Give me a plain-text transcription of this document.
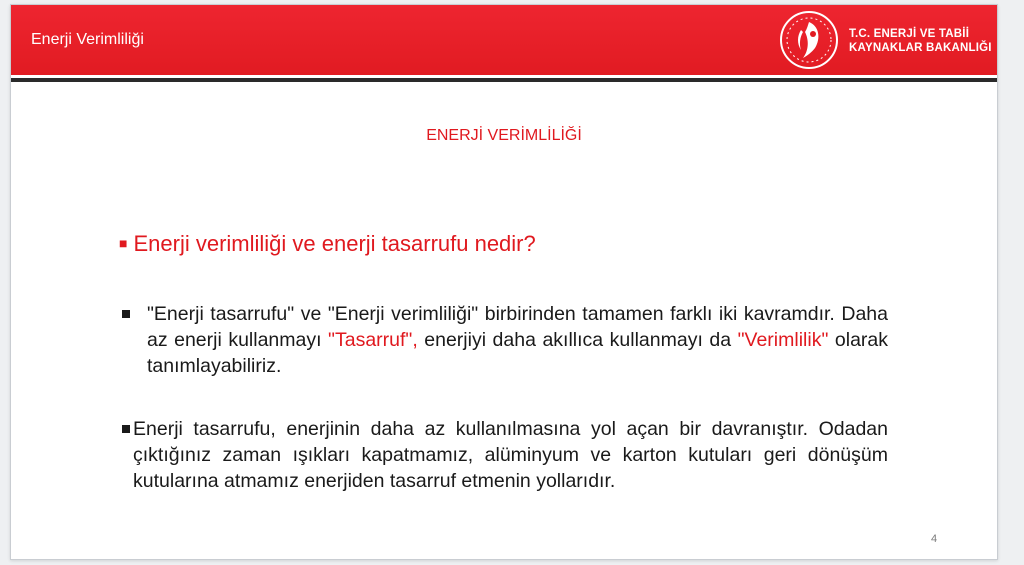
Enerji Verimliliği	T.C. ENERJİ VE TABİİ
KAYNAKLAR BAKANLIĞI
ENERJİ VERİMLİLİĞİ
■ Enerji verimliliği ve enerji tasarrufu nedir?
"Enerji tasarrufu" ve "Enerji verimliliği" birbirinden tamamen farklı iki kavramdır. Daha az enerji kullanmayı "Tasarruf", enerjiyi daha akıllıca kullanmayı da "Verimlilik" olarak tanımlayabiliriz.
Enerji tasarrufu, enerjinin daha az kullanılmasına yol açan bir davranıştır. Odadan çıktığınız zaman ışıkları kapatmamız, alüminyum ve karton kutuları geri dönüşüm kutularına atmamız enerjiden tasarruf etmenin yollarıdır.
4
